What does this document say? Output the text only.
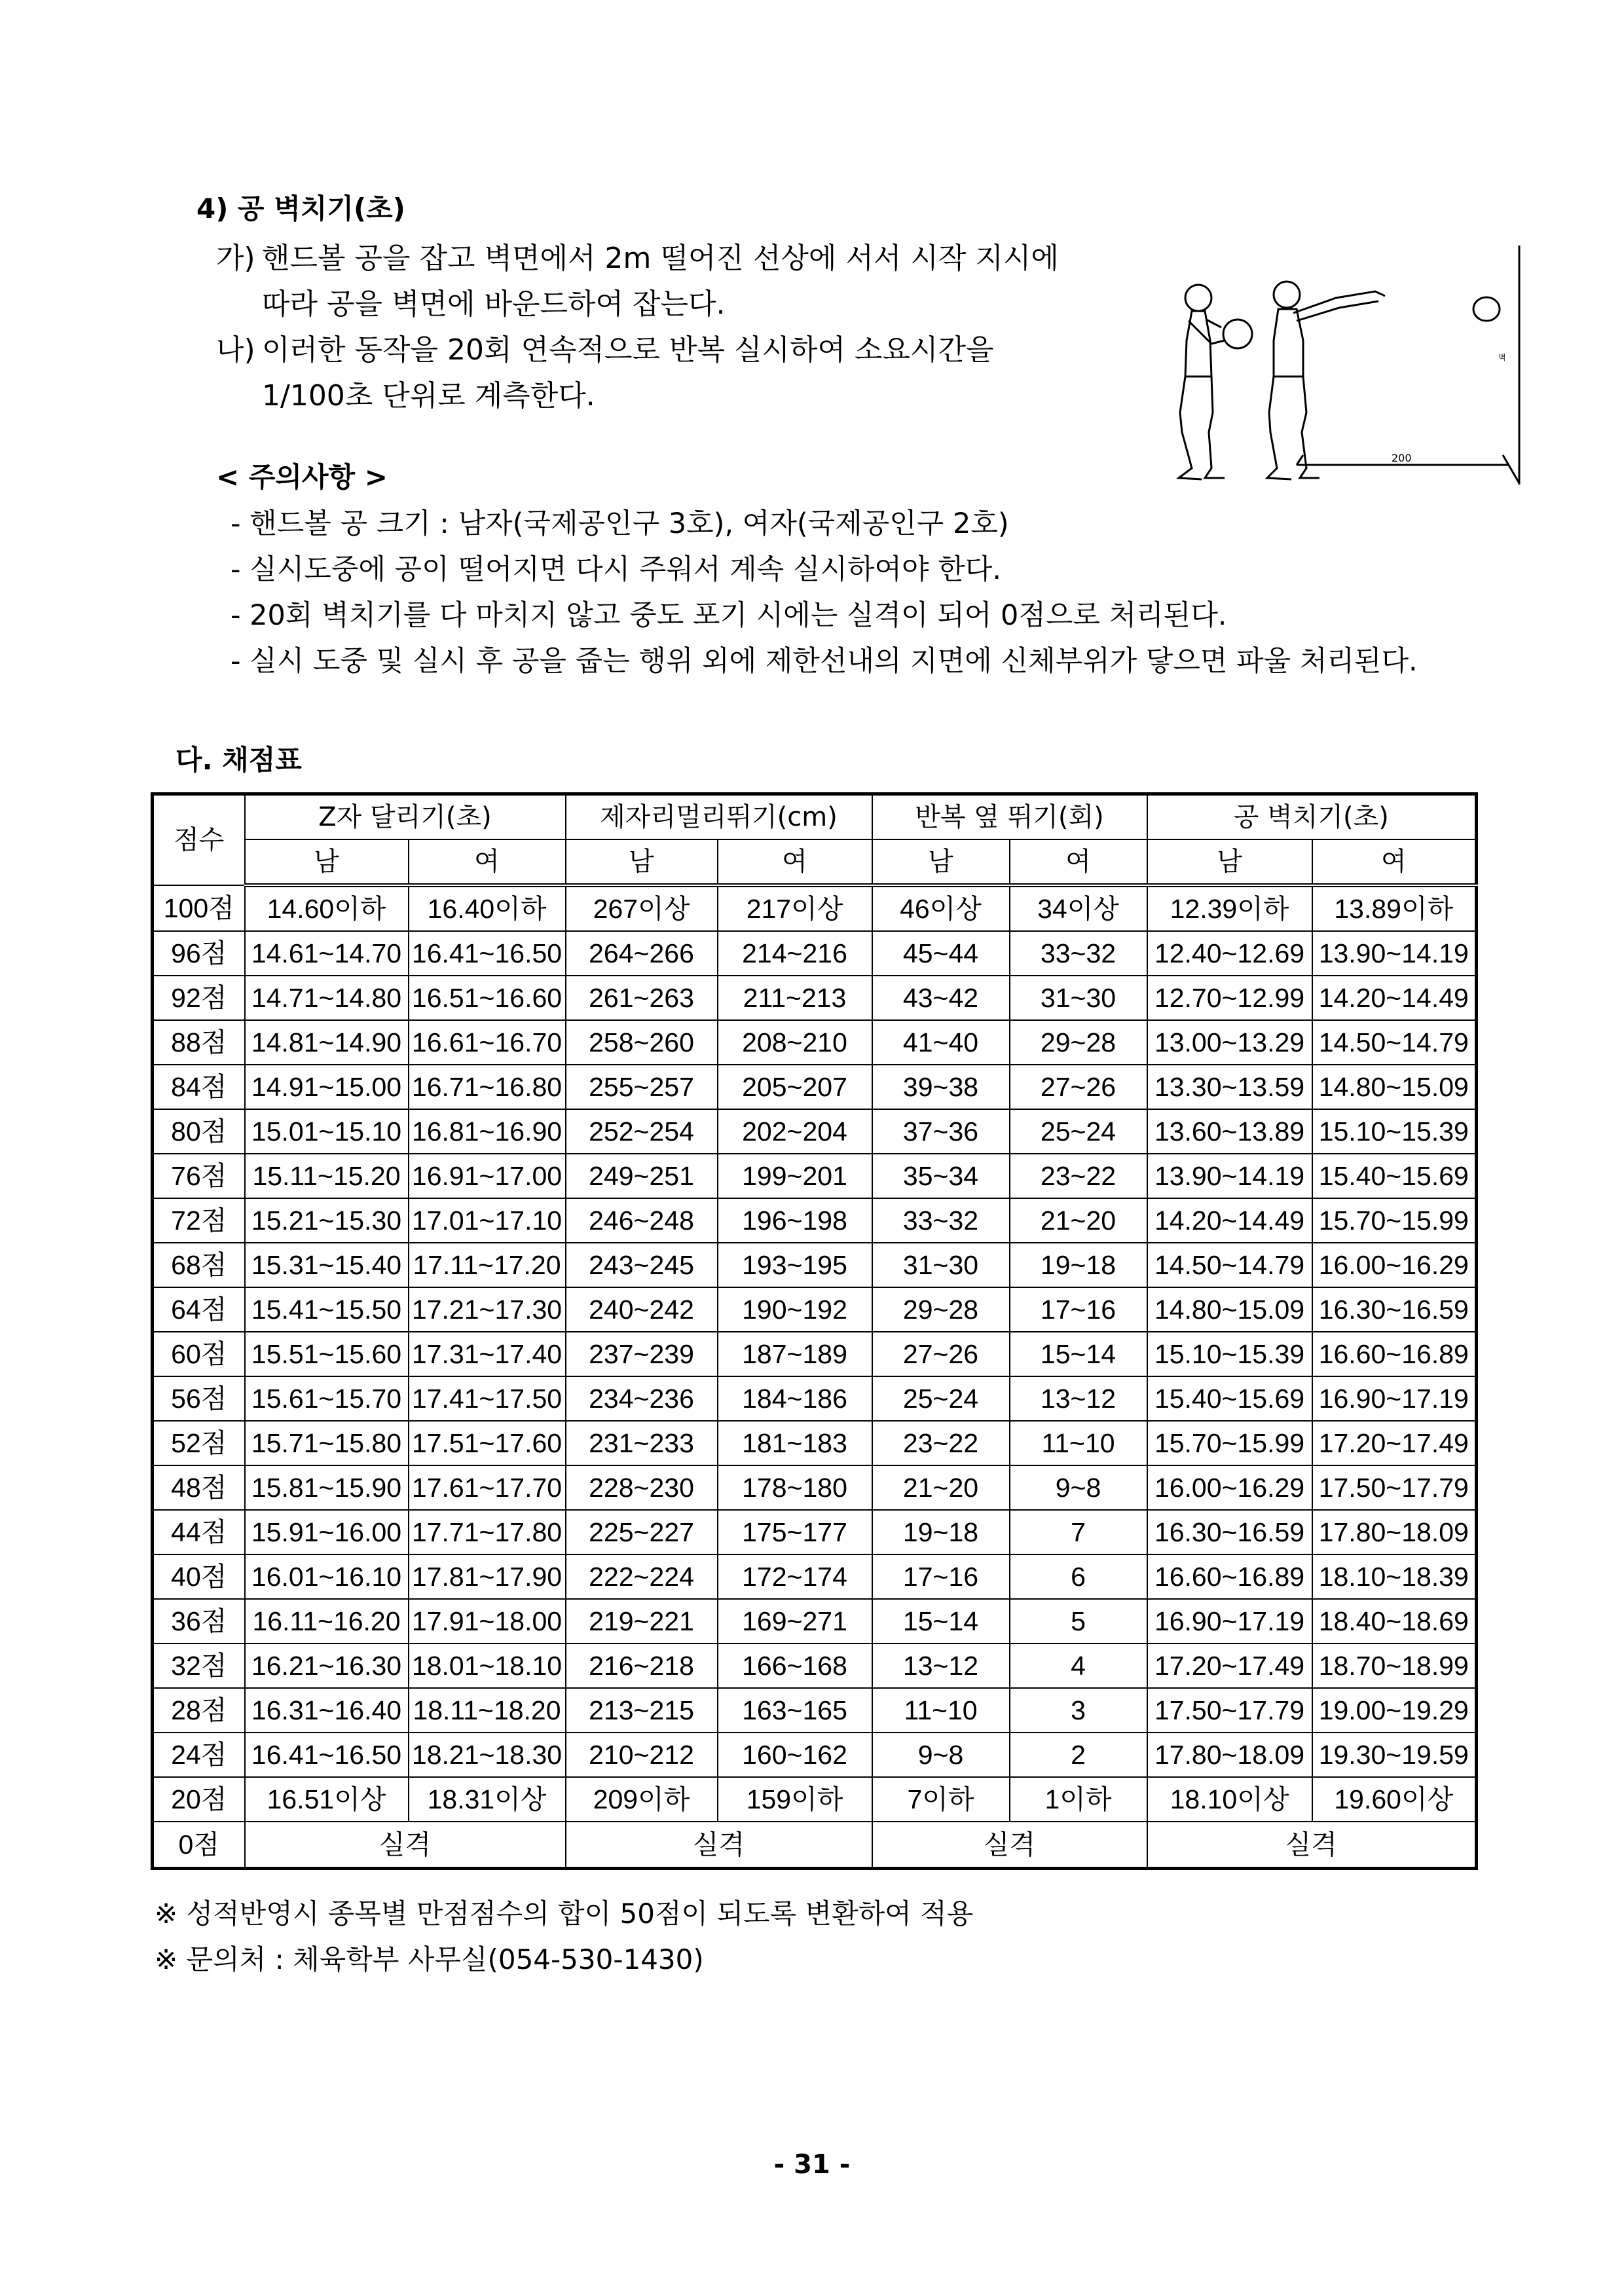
4) 공 벽치기(초)
가) 핸드볼 공을 잡고 벽면에서 2m 떨어진 선상에 서서 시작 지시에
따라 공을 벽면에 바운드하여 잡는다.
나) 이러한 동작을 20회 연속적으로 반복 실시하여 소요시간을
1/100초 단위로 계측한다.
벽
200
< 주의사항 >
- 핸드볼 공 크기 : 남자(국제공인구 3호), 여자(국제공인구 2호)
- 실시도중에 공이 떨어지면 다시 주워서 계속 실시하여야 한다.
- 20회 벽치기를 다 마치지 않고 중도 포기 시에는 실격이 되어 0점으로 처리된다.
- 실시 도중 및 실시 후 공을 줍는 행위 외에 제한선내의 지면에 신체부위가 닿으면 파울 처리된다.
다. 채점표
점수	Z자 달리기(초)		제자리멀리뛰기(cm)		반복 옆 뛰기(회)		공 벽치기(초)	
	남	여	남	여	남	여	남	여
100점	14.60이하	16.40이하	267이상	217이상	46이상	34이상	12.39이하	13.89이하
96점	14.61~14.70	16.41~16.50	264~266	214~216	45~44	33~32	12.40~12.69	13.90~14.19
92점	14.71~14.80	16.51~16.60	261~263	211~213	43~42	31~30	12.70~12.99	14.20~14.49
88점	14.81~14.90	16.61~16.70	258~260	208~210	41~40	29~28	13.00~13.29	14.50~14.79
84점	14.91~15.00	16.71~16.80	255~257	205~207	39~38	27~26	13.30~13.59	14.80~15.09
80점	15.01~15.10	16.81~16.90	252~254	202~204	37~36	25~24	13.60~13.89	15.10~15.39
76점	15.11~15.20	16.91~17.00	249~251	199~201	35~34	23~22	13.90~14.19	15.40~15.69
72점	15.21~15.30	17.01~17.10	246~248	196~198	33~32	21~20	14.20~14.49	15.70~15.99
68점	15.31~15.40	17.11~17.20	243~245	193~195	31~30	19~18	14.50~14.79	16.00~16.29
64점	15.41~15.50	17.21~17.30	240~242	190~192	29~28	17~16	14.80~15.09	16.30~16.59
60점	15.51~15.60	17.31~17.40	237~239	187~189	27~26	15~14	15.10~15.39	16.60~16.89
56점	15.61~15.70	17.41~17.50	234~236	184~186	25~24	13~12	15.40~15.69	16.90~17.19
52점	15.71~15.80	17.51~17.60	231~233	181~183	23~22	11~10	15.70~15.99	17.20~17.49
48점	15.81~15.90	17.61~17.70	228~230	178~180	21~20	9~8	16.00~16.29	17.50~17.79
44점	15.91~16.00	17.71~17.80	225~227	175~177	19~18	7	16.30~16.59	17.80~18.09
40점	16.01~16.10	17.81~17.90	222~224	172~174	17~16	6	16.60~16.89	18.10~18.39
36점	16.11~16.20	17.91~18.00	219~221	169~271	15~14	5	16.90~17.19	18.40~18.69
32점	16.21~16.30	18.01~18.10	216~218	166~168	13~12	4	17.20~17.49	18.70~18.99
28점	16.31~16.40	18.11~18.20	213~215	163~165	11~10	3	17.50~17.79	19.00~19.29
24점	16.41~16.50	18.21~18.30	210~212	160~162	9~8	2	17.80~18.09	19.30~19.59
20점	16.51이상	18.31이상	209이하	159이하	7이하	1이하	18.10이상	19.60이상
0점	실격		실격		실격		실격	
※ 성적반영시 종목별 만점점수의 합이 50점이 되도록 변환하여 적용
※ 문의처 : 체육학부 사무실(054-530-1430)
- 31 -
